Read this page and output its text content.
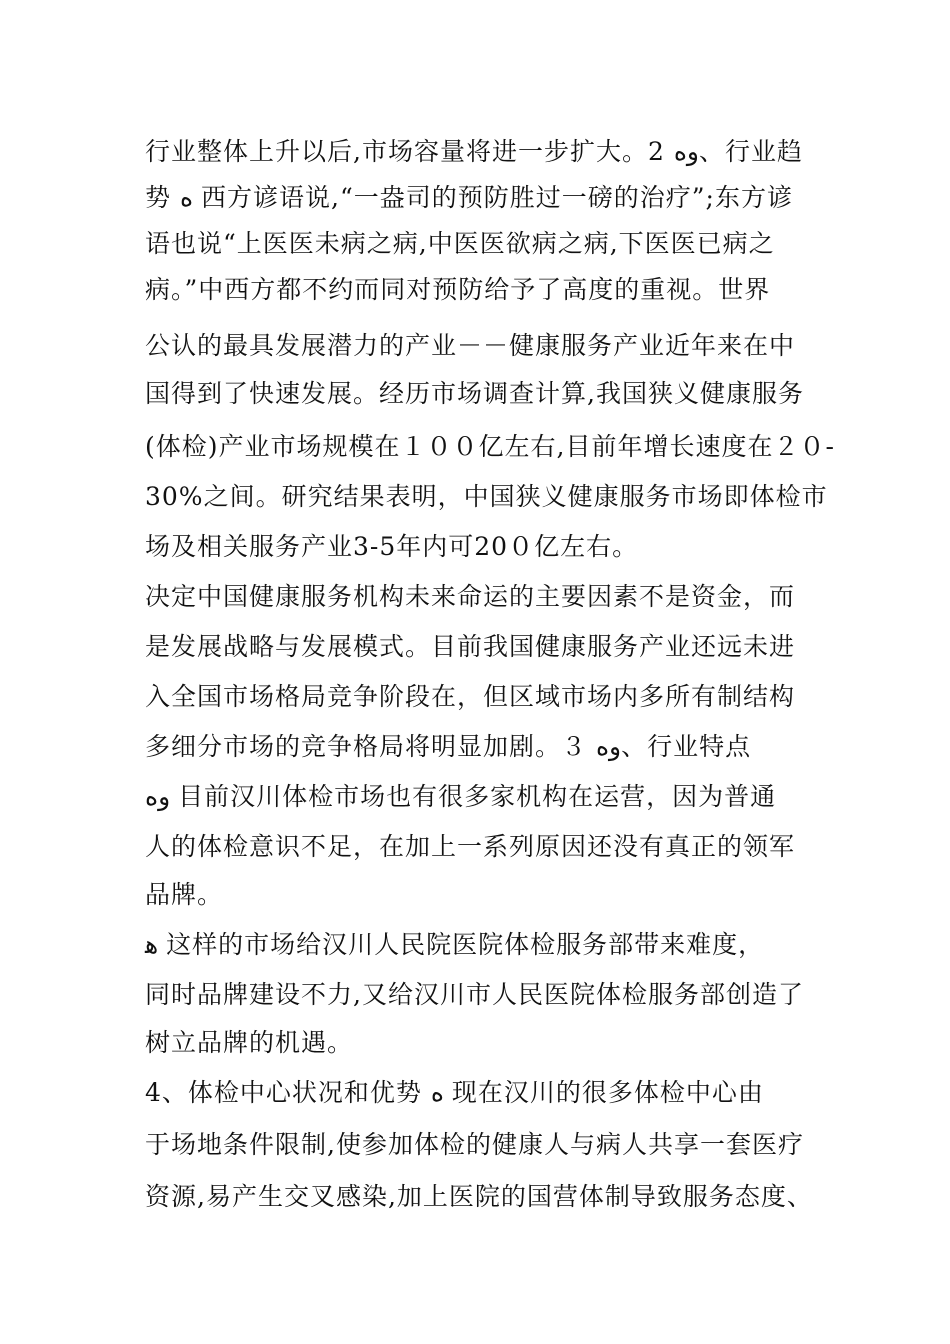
行业整体上升以后,市场容量将进一步扩大。2 ﻭﻩ、行业趋
势 ﻩ 西方谚语说,“一盎司的预防胜过一磅的治疗”;东方谚
语也说“上医医未病之病,中医医欲病之病,下医医已病之
病。”中西方都不约而同对预防给予了高度的重视。世界
公认的最具发展潜力的产业－－健康服务产业近年来在中
国得到了快速发展。经历市场调查计算,我国狭义健康服务
(体检)产业市场规模在１００亿左右,目前年增长速度在２０-
30%之间。研究结果表明，中国狭义健康服务市场即体检市
场及相关服务产业3-5年内可20０亿左右。
决定中国健康服务机构未来命运的主要因素不是资金，而
是发展战略与发展模式。目前我国健康服务产业还远未进
入全国市场格局竞争阶段在，但区域市场内多所有制结构
多细分市场的竞争格局将明显加剧。３ ﻭﻩ、行业特点
ﻭﻩ 目前汉川体检市场也有很多家机构在运营，因为普通
人的体检意识不足，在加上一系列原因还没有真正的领军
品牌。
ﻫ 这样的市场给汉川人民院医院体检服务部带来难度，
同时品牌建设不力,又给汉川市人民医院体检服务部创造了
树立品牌的机遇。
4、体检中心状况和优势 ﻩ 现在汉川的很多体检中心由
于场地条件限制,使参加体检的健康人与病人共享一套医疗
资源,易产生交叉感染,加上医院的国营体制导致服务态度、
